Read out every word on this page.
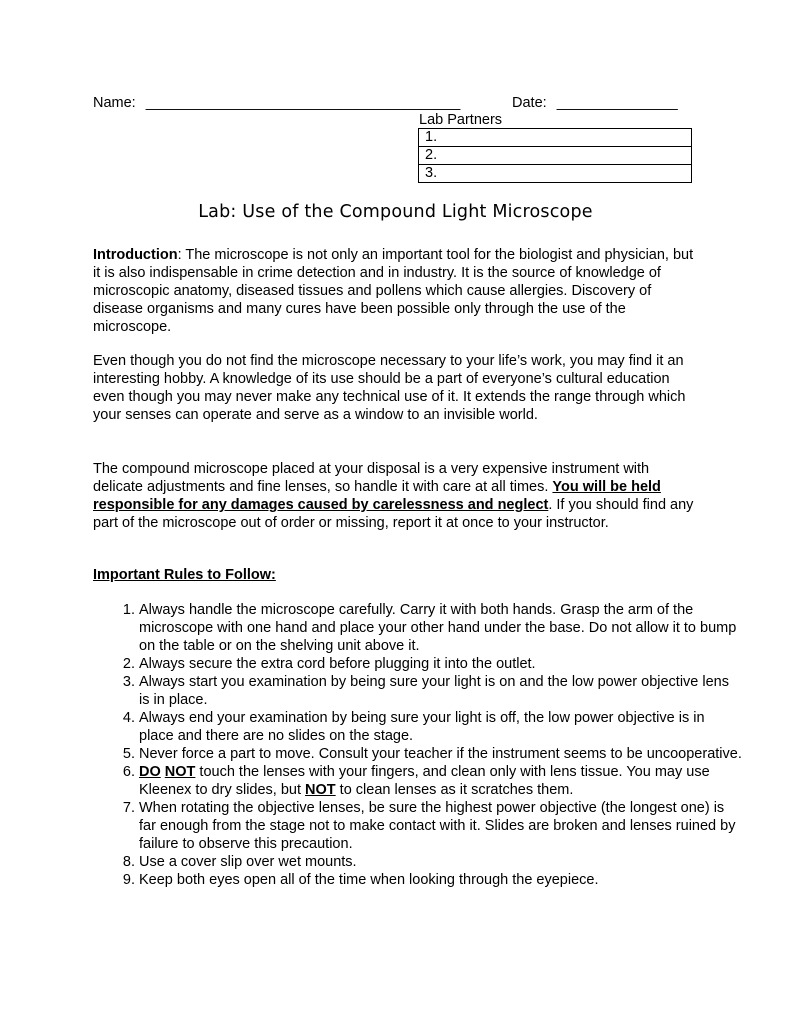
Name: _______________________________________	Date: _______________
Lab Partners
1.
2.
3.
Lab: Use of the Compound Light Microscope
Introduction: The microscope is not only an important tool for the biologist and physician, but it is also indispensable in crime detection and in industry. It is the source of knowledge of microscopic anatomy, diseased tissues and pollens which cause allergies. Discovery of disease organisms and many cures have been possible only through the use of the microscope.
Even though you do not find the microscope necessary to your life’s work, you may find it an interesting hobby. A knowledge of its use should be a part of everyone’s cultural education even though you may never make any technical use of it. It extends the range through which your senses can operate and serve as a window to an invisible world.
The compound microscope placed at your disposal is a very expensive instrument with delicate adjustments and fine lenses, so handle it with care at all times. You will be held responsible for any damages caused by carelessness and neglect. If you should find any part of the microscope out of order or missing, report it at once to your instructor.
Important Rules to Follow:
1. Always handle the microscope carefully. Carry it with both hands. Grasp the arm of the microscope with one hand and place your other hand under the base. Do not allow it to bump on the table or on the shelving unit above it.
2. Always secure the extra cord before plugging it into the outlet.
3. Always start you examination by being sure your light is on and the low power objective lens is in place.
4. Always end your examination by being sure your light is off, the low power objective is in place and there are no slides on the stage.
5. Never force a part to move. Consult your teacher if the instrument seems to be uncooperative.
6. DO NOT touch the lenses with your fingers, and clean only with lens tissue. You may use Kleenex to dry slides, but NOT to clean lenses as it scratches them.
7. When rotating the objective lenses, be sure the highest power objective (the longest one) is far enough from the stage not to make contact with it. Slides are broken and lenses ruined by failure to observe this precaution.
8. Use a cover slip over wet mounts.
9. Keep both eyes open all of the time when looking through the eyepiece.
